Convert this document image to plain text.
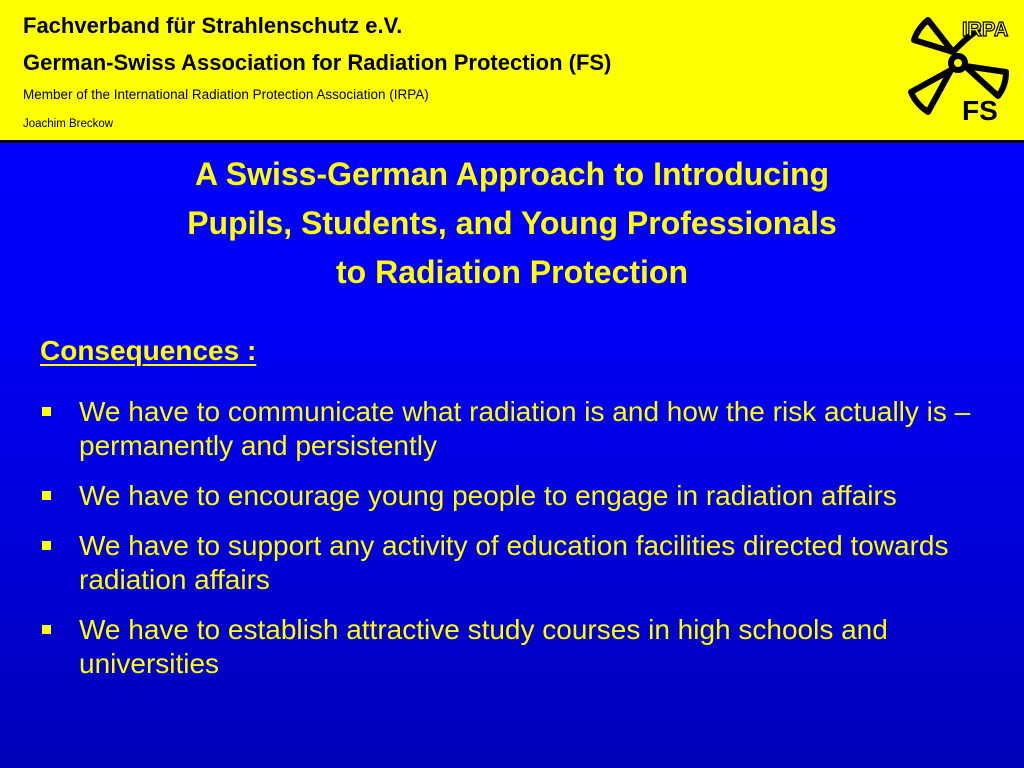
Fachverband für Strahlenschutz e.V.
German-Swiss Association for Radiation Protection (FS)
Member of the International Radiation Protection Association (IRPA)
Joachim Breckow
IRPA
FS
A Swiss-German Approach to Introducing
Pupils, Students, and Young Professionals
to Radiation Protection
Consequences :
We have to communicate what radiation is and how the risk actually is – permanently and persistently
We have to encourage young people to engage in radiation affairs
We have to support any activity of education facilities directed towards radiation affairs
We have to establish attractive study courses in high schools and universities
